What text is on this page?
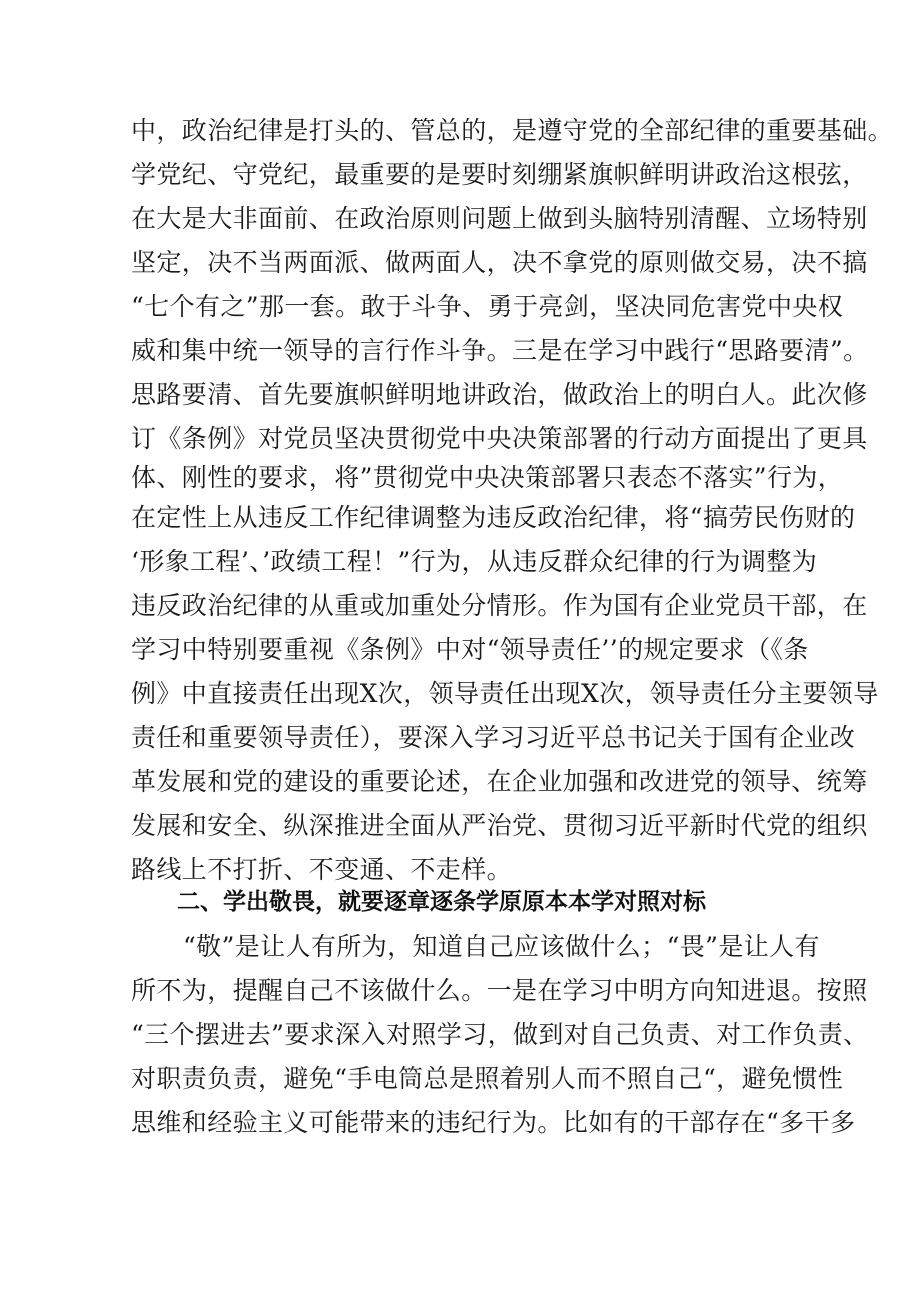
中，政治纪律是打头的、管总的，是遵守党的全部纪律的重要基础。
学党纪、守党纪，最重要的是要时刻绷紧旗帜鲜明讲政治这根弦，
在大是大非面前、在政治原则问题上做到头脑特别清醒、立场特别
坚定，决不当两面派、做两面人，决不拿党的原则做交易，决不搞
“七个有之”那一套。敢于斗争、勇于亮剑，坚决同危害党中央权
威和集中统一领导的言行作斗争。三是在学习中践行“思路要清”。
思路要清、首先要旗帜鲜明地讲政治，做政治上的明白人。此次修
订《条例》对党员坚决贯彻党中央决策部署的行动方面提出了更具
体、刚性的要求，将”贯彻党中央决策部署只表态不落实”行为，
在定性上从违反工作纪律调整为违反政治纪律，将“搞劳民伤财的
‘形象工程’、’政绩工程！”行为，从违反群众纪律的行为调整为
违反政治纪律的从重或加重处分情形。作为国有企业党员干部，在
学习中特别要重视《条例》中对“领导责任’’的规定要求（《条
例》中直接责任出现X次，领导责任出现X次，领导责任分主要领导
责任和重要领导责任），要深入学习习近平总书记关于国有企业改
革发展和党的建设的重要论述，在企业加强和改进党的领导、统筹
发展和安全、纵深推进全面从严治党、贯彻习近平新时代党的组织
路线上不打折、不变通、不走样。
二、学出敬畏，就要逐章逐条学原原本本学对照对标
“敬”是让人有所为，知道自己应该做什么；“畏”是让人有
所不为，提醒自己不该做什么。一是在学习中明方向知进退。按照
“三个摆进去”要求深入对照学习，做到对自己负责、对工作负责、
对职责负责，避免“手电筒总是照着别人而不照自己“，避免惯性
思维和经验主义可能带来的违纪行为。比如有的干部存在“多干多
